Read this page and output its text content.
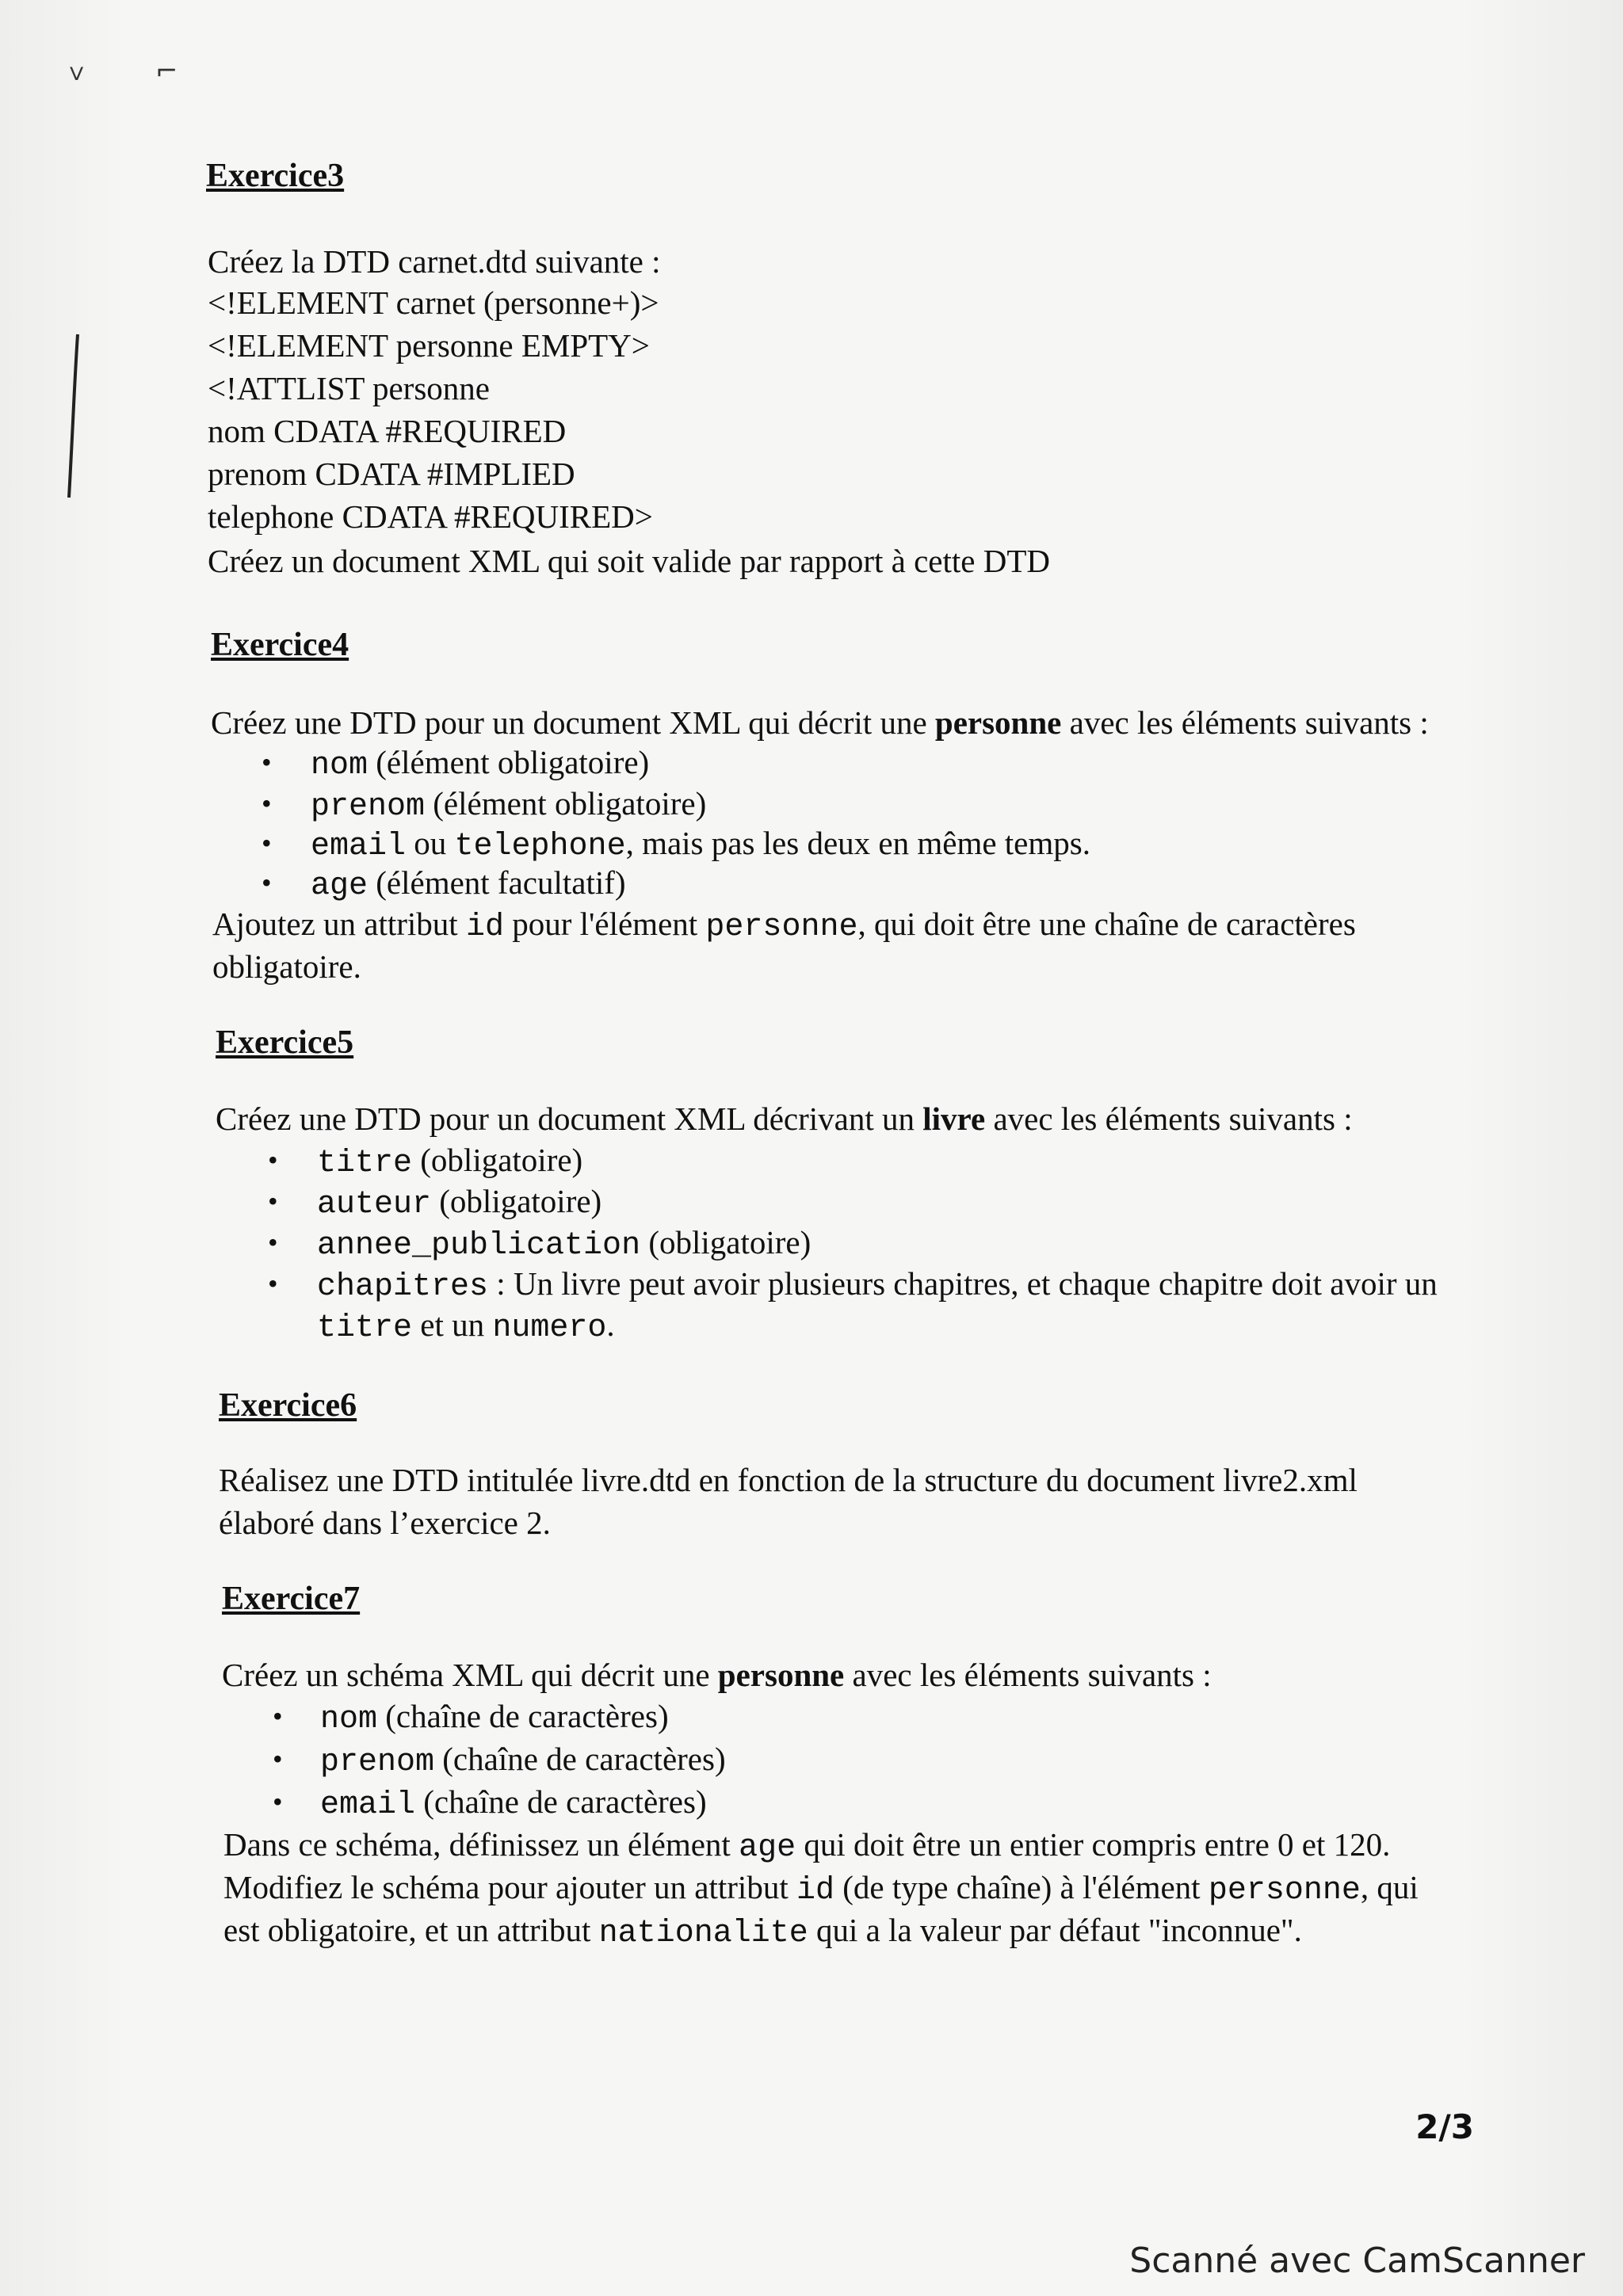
ⱽ	⌐
Exercice3
Créez la DTD carnet.dtd suivante :
<!ELEMENT carnet (personne+)>
<!ELEMENT personne EMPTY>
<!ATTLIST personne
nom CDATA #REQUIRED
prenom CDATA #IMPLIED
telephone CDATA #REQUIRED>
Créez un document XML qui soit valide par rapport à cette DTD
Exercice4
Créez une DTD pour un document XML qui décrit une personne avec les éléments suivants :
• nom (élément obligatoire)
• prenom (élément obligatoire)
• email ou telephone, mais pas les deux en même temps.
• age (élément facultatif)
Ajoutez un attribut id pour l'élément personne, qui doit être une chaîne de caractères
obligatoire.
Exercice5
Créez une DTD pour un document XML décrivant un livre avec les éléments suivants :
• titre (obligatoire)
• auteur (obligatoire)
• annee_publication (obligatoire)
• chapitres : Un livre peut avoir plusieurs chapitres, et chaque chapitre doit avoir un
titre et un numero.
Exercice6
Réalisez une DTD intitulée livre.dtd en fonction de la structure du document livre2.xml
élaboré dans l’exercice 2.
Exercice7
Créez un schéma XML qui décrit une personne avec les éléments suivants :
• nom (chaîne de caractères)
• prenom (chaîne de caractères)
• email (chaîne de caractères)
Dans ce schéma, définissez un élément age qui doit être un entier compris entre 0 et 120.
Modifiez le schéma pour ajouter un attribut id (de type chaîne) à l'élément personne, qui
est obligatoire, et un attribut nationalite qui a la valeur par défaut "inconnue".
2/3
Scanné avec CamScanner
